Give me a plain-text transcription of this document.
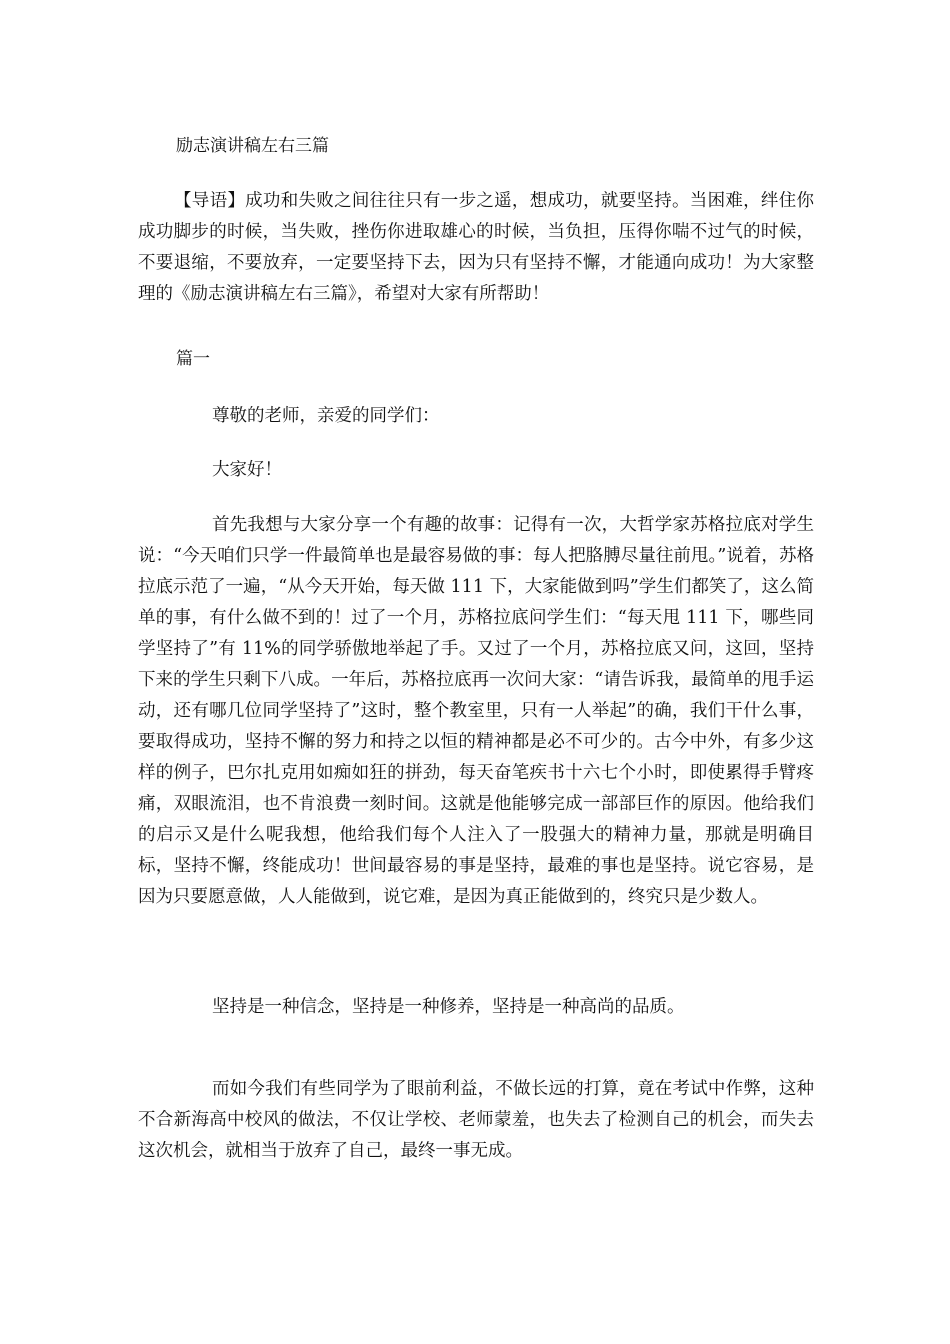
励志演讲稿左右三篇

【导语】成功和失败之间往往只有一步之遥，想成功，就要坚持。当困难，绊住你成功脚步的时候，当失败，挫伤你进取雄心的时候，当负担，压得你喘不过气的时候，不要退缩，不要放弃，一定要坚持下去，因为只有坚持不懈，才能通向成功！为大家整理的《励志演讲稿左右三篇》，希望对大家有所帮助！

篇一
尊敬的老师，亲爱的同学们：
大家好！

首先我想与大家分享一个有趣的故事：记得有一次，大哲学家苏格拉底对学生说：“今天咱们只学一件最简单也是最容易做的事：每人把胳膊尽量往前甩。”说着，苏格拉底示范了一遍，“从今天开始，每天做 111 下，大家能做到吗”学生们都笑了，这么简单的事，有什么做不到的！过了一个月，苏格拉底问学生们：“每天甩 111 下，哪些同学坚持了”有 11%的同学骄傲地举起了手。又过了一个月，苏格拉底又问，这回，坚持下来的学生只剩下八成。一年后，苏格拉底再一次问大家：“请告诉我，最简单的甩手运动，还有哪几位同学坚持了”这时，整个教室里，只有一人举起”的确，我们干什么事，要取得成功，坚持不懈的努力和持之以恒的精神都是必不可少的。古今中外，有多少这样的例子，巴尔扎克用如痴如狂的拼劲，每天奋笔疾书十六七个小时，即使累得手臂疼痛，双眼流泪，也不肯浪费一刻时间。这就是他能够完成一部部巨作的原因。他给我们的启示又是什么呢我想，他给我们每个人注入了一股强大的精神力量，那就是明确目标，坚持不懈，终能成功！世间最容易的事是坚持，最难的事也是坚持。说它容易，是因为只要愿意做，人人能做到，说它难，是因为真正能做到的，终究只是少数人。

坚持是一种信念，坚持是一种修养，坚持是一种高尚的品质。

而如今我们有些同学为了眼前利益，不做长远的打算，竟在考试中作弊，这种不合新海高中校风的做法，不仅让学校、老师蒙羞，也失去了检测自己的机会，而失去这次机会，就相当于放弃了自己，最终一事无成。
